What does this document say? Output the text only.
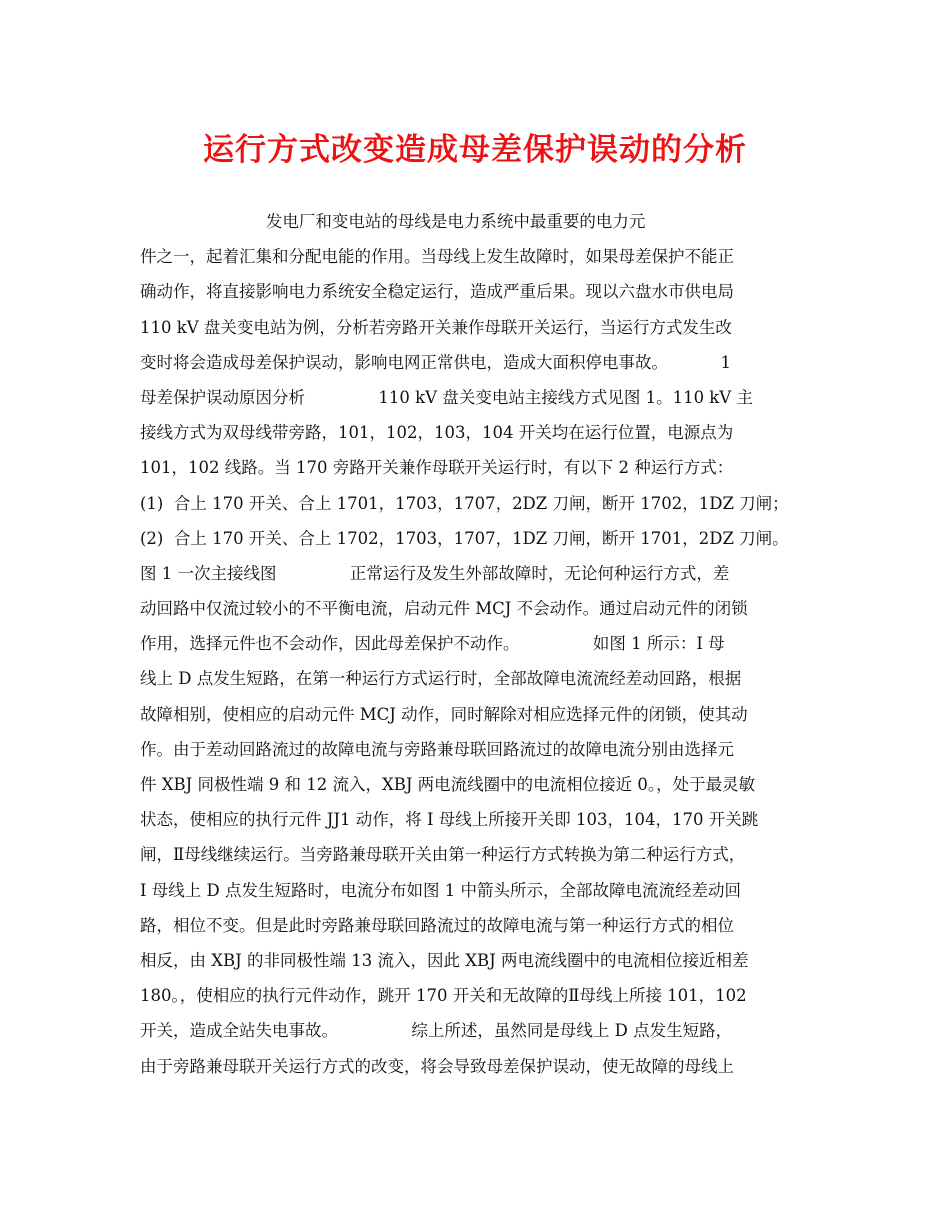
运行方式改变造成母差保护误动的分析
发电厂和变电站的母线是电力系统中最重要的电力元
件之一，起着汇集和分配电能的作用。当母线上发生故障时，如果母差保护不能正
确动作，将直接影响电力系统安全稳定运行，造成严重后果。现以六盘水市供电局
110 kV 盘关变电站为例，分析若旁路开关兼作母联开关运行，当运行方式发生改
变时将会造成母差保护误动，影响电网正常供电，造成大面积停电事故。          1
母差保护误动原因分析              110 kV 盘关变电站主接线方式见图 1。110 kV 主
接线方式为双母线带旁路，101，102，103，104 开关均在运行位置，电源点为
101，102 线路。当 170 旁路开关兼作母联开关运行时，有以下 2 种运行方式：
(1)  合上 170 开关、合上 1701，1703，1707，2DZ 刀闸，断开 1702，1DZ 刀闸；
(2)  合上 170 开关、合上 1702，1703，1707，1DZ 刀闸，断开 1701，2DZ 刀闸。
图 1 一次主接线图              正常运行及发生外部故障时，无论何种运行方式，差
动回路中仅流过较小的不平衡电流，启动元件 MCJ 不会动作。通过启动元件的闭锁
作用，选择元件也不会动作，因此母差保护不动作。              如图 1 所示：I 母
线上 D 点发生短路，在第一种运行方式运行时，全部故障电流流经差动回路，根据
故障相别，使相应的启动元件 MCJ 动作，同时解除对相应选择元件的闭锁，使其动
作。由于差动回路流过的故障电流与旁路兼母联回路流过的故障电流分别由选择元
件 XBJ 同极性端 9 和 12 流入，XBJ 两电流线圈中的电流相位接近 0。，处于最灵敏
状态，使相应的执行元件 JJ1 动作，将 I 母线上所接开关即 103，104，170 开关跳
闸，Ⅱ母线继续运行。当旁路兼母联开关由第一种运行方式转换为第二种运行方式，
I 母线上 D 点发生短路时，电流分布如图 1 中箭头所示，全部故障电流流经差动回
路，相位不变。但是此时旁路兼母联回路流过的故障电流与第一种运行方式的相位
相反，由 XBJ 的非同极性端 13 流入，因此 XBJ 两电流线圈中的电流相位接近相差
180。，使相应的执行元件动作，跳开 170 开关和无故障的Ⅱ母线上所接 101，102
开关，造成全站失电事故。              综上所述，虽然同是母线上 D 点发生短路，
由于旁路兼母联开关运行方式的改变，将会导致母差保护误动，使无故障的母线上
